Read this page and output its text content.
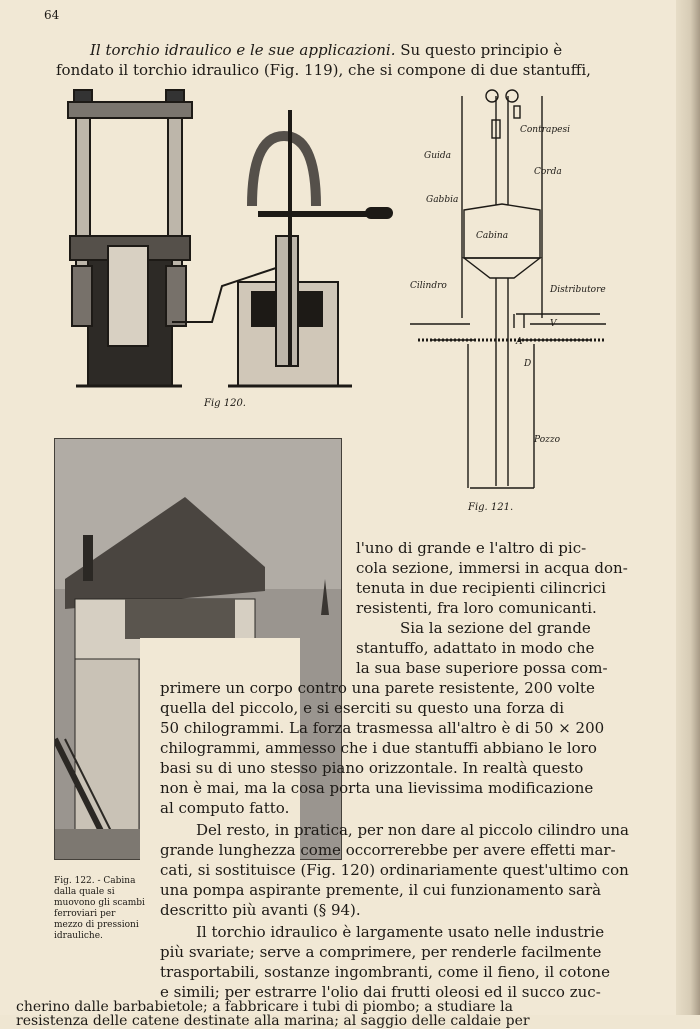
64
Il torchio idraulico e le sue applicazioni. Su questo principio è
fondato il torchio idraulico (Fig. 119), che si compone di due stantuffi,
Fig 120.
Contrapesi
Guida
Corda
Gabbia
Cabina
Cilindro	Distributore
V
A
D
Pozzo
Fig. 121.
l'uno di grande e l'altro di pic-
cola sezione, immersi in acqua don-
tenuta in due recipienti cilincrici
resistenti, fra loro comunicanti.
Sia la sezione del grande
stantuffo, adattato in modo che
la sua base superiore possa com-
primere un corpo contro una parete resistente, 200 volte
quella del piccolo, e si eserciti su questo una forza di
50 chilogrammi. La forza trasmessa all'altro è di 50 × 200
chilogrammi, ammesso che i due stantuffi abbiano le loro
basi su di uno stesso piano orizzontale. In realtà questo
non è mai, ma la cosa porta una lievissima modificazione
al computo fatto.
Del resto, in pratica, per non dare al piccolo cilindro una
grande lunghezza come occorrerebbe per avere effetti mar-
cati, si sostituisce (Fig. 120) ordinariamente quest'ultimo con
una pompa aspirante premente, il cui funzionamento sarà
descritto più avanti (§ 94).
Il torchio idraulico è largamente usato nelle industrie
più svariate; serve a comprimere, per renderle facilmente
trasportabili, sostanze ingombranti, come il fieno, il cotone
e simili; per estrarre l'olio dai frutti oleosi ed il succo zuc-
cherino dalle barbabietole; a fabbricare i tubi di piombo; a studiare la
resistenza delle catene destinate alla marina; al saggio delle caldaie per
Fig. 122. - Cabina dalla quale si muovono gli scambi ferroviari per mezzo di pressioni idrauliche.
